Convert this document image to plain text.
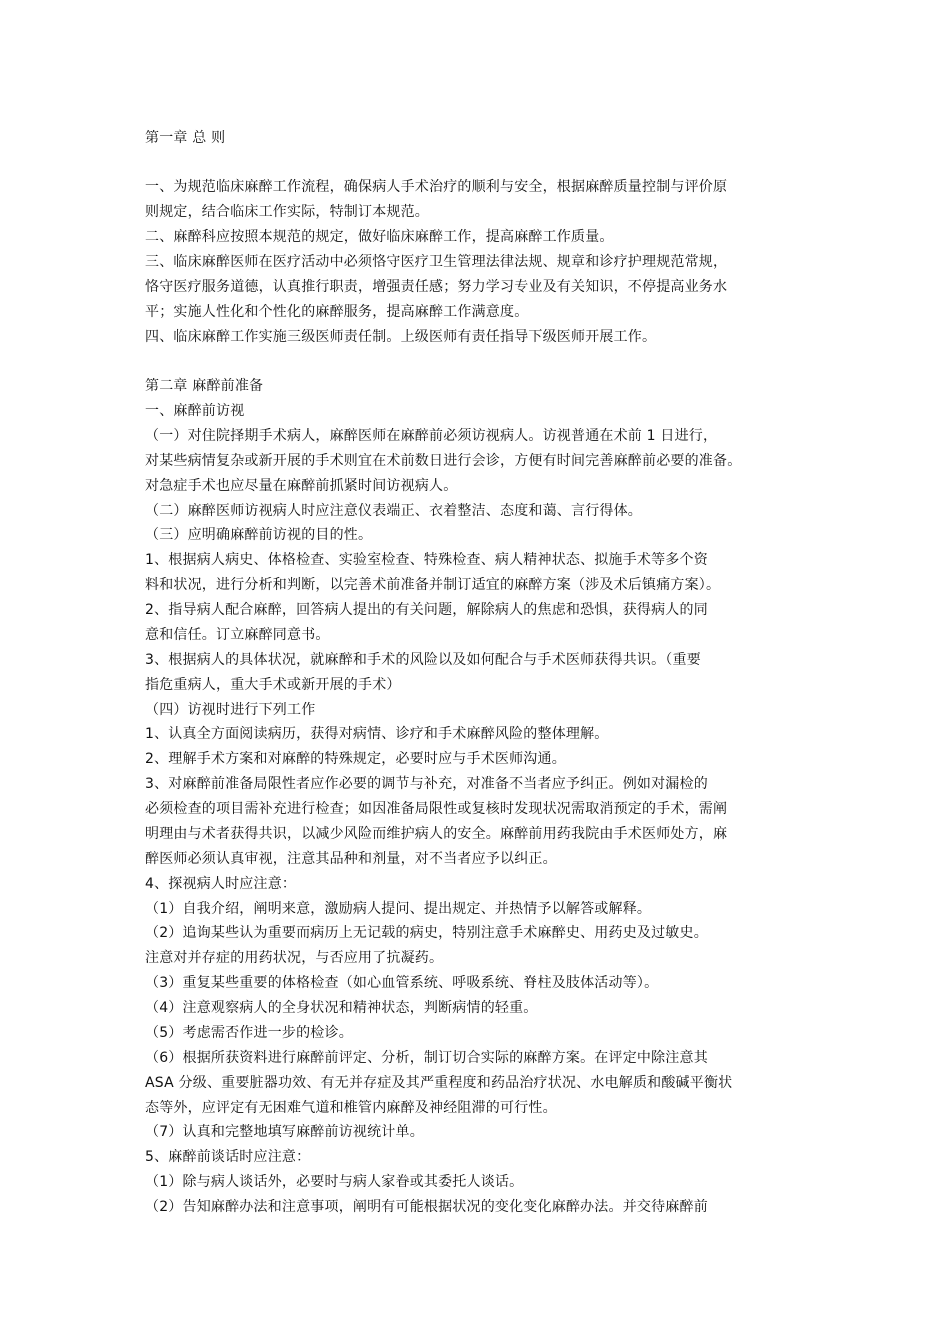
第一章 总 则
一、为规范临床麻醉工作流程，确保病人手术治疗的顺利与安全，根据麻醉质量控制与评价原
则规定，结合临床工作实际，特制订本规范。
二、麻醉科应按照本规范的规定，做好临床麻醉工作，提高麻醉工作质量。
三、临床麻醉医师在医疗活动中必须恪守医疗卫生管理法律法规、规章和诊疗护理规范常规，
恪守医疗服务道德，认真推行职责，增强责任感；努力学习专业及有关知识，不停提高业务水
平；实施人性化和个性化的麻醉服务，提高麻醉工作满意度。
四、临床麻醉工作实施三级医师责任制。上级医师有责任指导下级医师开展工作。
第二章 麻醉前准备
一、麻醉前访视
（一）对住院择期手术病人，麻醉医师在麻醉前必须访视病人。访视普通在术前 1 日进行，
对某些病情复杂或新开展的手术则宜在术前数日进行会诊，方便有时间完善麻醉前必要的准备。
对急症手术也应尽量在麻醉前抓紧时间访视病人。
（二）麻醉医师访视病人时应注意仪表端正、衣着整洁、态度和蔼、言行得体。
（三）应明确麻醉前访视的目的性。
1、根据病人病史、体格检查、实验室检查、特殊检查、病人精神状态、拟施手术等多个资
料和状况，进行分析和判断，以完善术前准备并制订适宜的麻醉方案（涉及术后镇痛方案）。
2、指导病人配合麻醉，回答病人提出的有关问题，解除病人的焦虑和恐惧，获得病人的同
意和信任。订立麻醉同意书。
3、根据病人的具体状况，就麻醉和手术的风险以及如何配合与手术医师获得共识。（重要
指危重病人，重大手术或新开展的手术）
（四）访视时进行下列工作
1、认真全方面阅读病历，获得对病情、诊疗和手术麻醉风险的整体理解。
2、理解手术方案和对麻醉的特殊规定，必要时应与手术医师沟通。
3、对麻醉前准备局限性者应作必要的调节与补充，对准备不当者应予纠正。例如对漏检的
必须检查的项目需补充进行检查；如因准备局限性或复核时发现状况需取消预定的手术，需阐
明理由与术者获得共识，以减少风险而维护病人的安全。麻醉前用药我院由手术医师处方，麻
醉医师必须认真审视，注意其品种和剂量，对不当者应予以纠正。
4、探视病人时应注意：
（1）自我介绍，阐明来意，激励病人提问、提出规定、并热情予以解答或解释。
（2）追询某些认为重要而病历上无记载的病史，特别注意手术麻醉史、用药史及过敏史。
注意对并存症的用药状况，与否应用了抗凝药。
（3）重复某些重要的体格检查（如心血管系统、呼吸系统、脊柱及肢体活动等）。
（4）注意观察病人的全身状况和精神状态，判断病情的轻重。
（5）考虑需否作进一步的检诊。
（6）根据所获资料进行麻醉前评定、分析，制订切合实际的麻醉方案。在评定中除注意其
ASA 分级、重要脏器功效、有无并存症及其严重程度和药品治疗状况、水电解质和酸碱平衡状
态等外，应评定有无困难气道和椎管内麻醉及神经阻滞的可行性。
（7）认真和完整地填写麻醉前访视统计单。
5、麻醉前谈话时应注意：
（1）除与病人谈话外，必要时与病人家眷或其委托人谈话。
（2）告知麻醉办法和注意事项，阐明有可能根据状况的变化变化麻醉办法。并交待麻醉前
